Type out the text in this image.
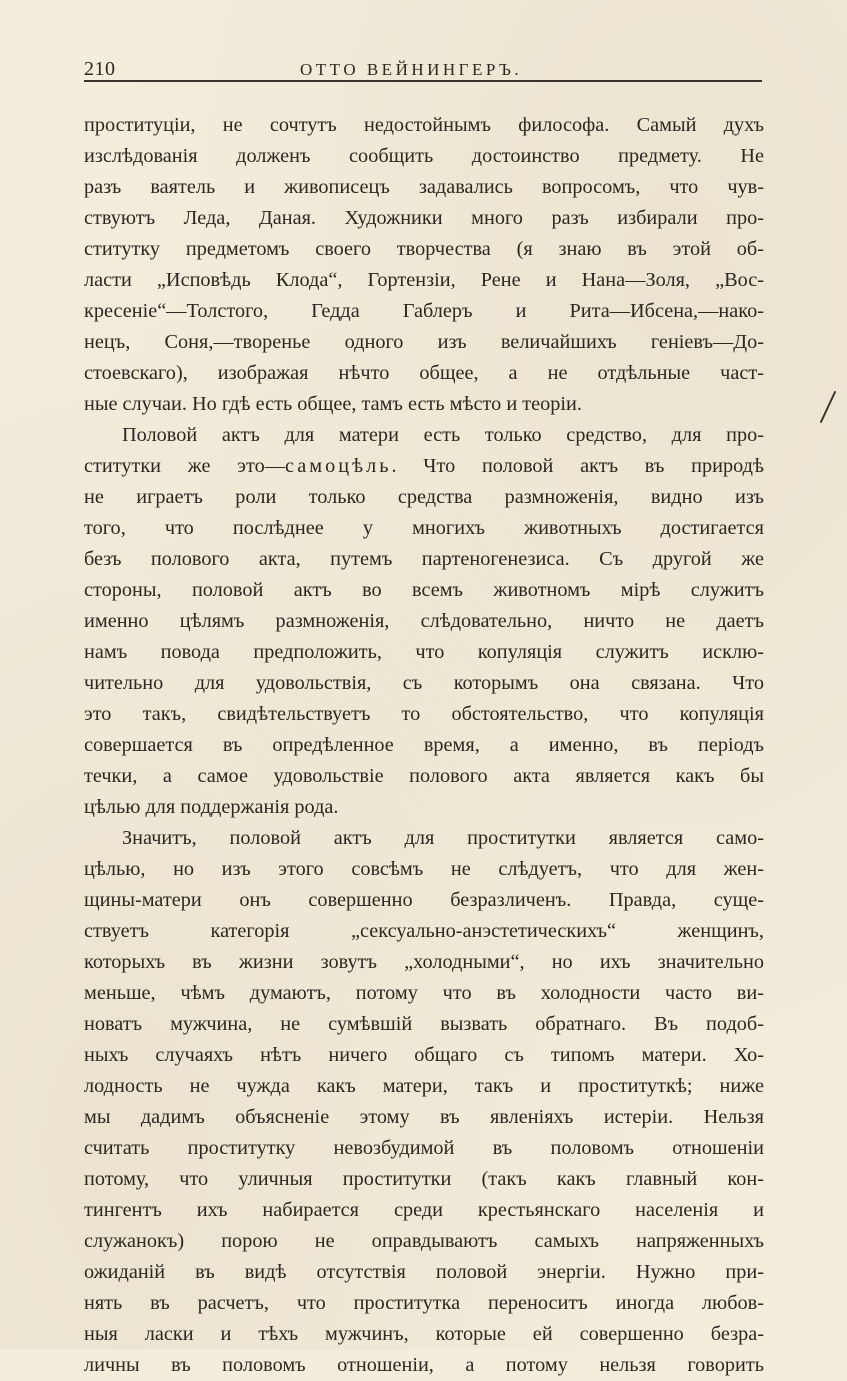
210	ОТТО ВЕЙНИНГЕРЪ.
проституціи, не сочтутъ недостойнымъ философа. Самый духъ
изслѣдованія долженъ сообщить достоинство предмету. Не
разъ ваятель и живописецъ задавались вопросомъ, что чув-
ствуютъ Леда, Даная. Художники много разъ избирали про-
ститутку предметомъ своего творчества (я знаю въ этой об-
ласти „Исповѣдь Клода“, Гортензіи, Рене и Нана—Золя, „Вос-
кресеніе“—Толстого, Гедда Габлеръ и Рита—Ибсена,—нако-
нецъ, Соня,—творенье одного изъ величайшихъ геніевъ—До-
стоевскаго), изображая нѣчто общее, а не отдѣльные част-
ные случаи. Но гдѣ есть общее, тамъ есть мѣсто и теоріи.
Половой актъ для матери есть только средство, для про-
ститутки же это—самоцѣль. Что половой актъ въ природѣ
не играетъ роли только средства размноженія, видно изъ
того, что послѣднее у многихъ животныхъ достигается
безъ полового акта, путемъ партеногенезиса. Съ другой же
стороны, половой актъ во всемъ животномъ мірѣ служитъ
именно цѣлямъ размноженія, слѣдовательно, ничто не даетъ
намъ повода предположить, что копуляція служитъ исклю-
чительно для удовольствія, съ которымъ она связана. Что
это такъ, свидѣтельствуетъ то обстоятельство, что копуляція
совершается въ опредѣленное время, а именно, въ періодъ
течки, а самое удовольствіе полового акта является какъ бы
цѣлью для поддержанія рода.
Значитъ, половой актъ для проститутки является само-
цѣлью, но изъ этого совсѣмъ не слѣдуетъ, что для жен-
щины-матери онъ совершенно безразличенъ. Правда, суще-
ствуетъ категорія „сексуально-анэстетическихъ“ женщинъ,
которыхъ въ жизни зовутъ „холодными“, но ихъ значительно
меньше, чѣмъ думаютъ, потому что въ холодности часто ви-
новатъ мужчина, не сумѣвшій вызвать обратнаго. Въ подоб-
ныхъ случаяхъ нѣтъ ничего общаго съ типомъ матери. Хо-
лодность не чужда какъ матери, такъ и проституткѣ; ниже
мы дадимъ объясненіе этому въ явленіяхъ истеріи. Нельзя
считать проститутку невозбудимой въ половомъ отношеніи
потому, что уличныя проститутки (такъ какъ главный кон-
тингентъ ихъ набирается среди крестьянскаго населенія и
служанокъ) порою не оправдываютъ самыхъ напряженныхъ
ожиданій въ видѣ отсутствія половой энергіи. Нужно при-
нять въ расчетъ, что проститутка переноситъ иногда любов-
ныя ласки и тѣхъ мужчинъ, которые ей совершенно безра-
личны въ половомъ отношеніи, а потому нельзя говорить
